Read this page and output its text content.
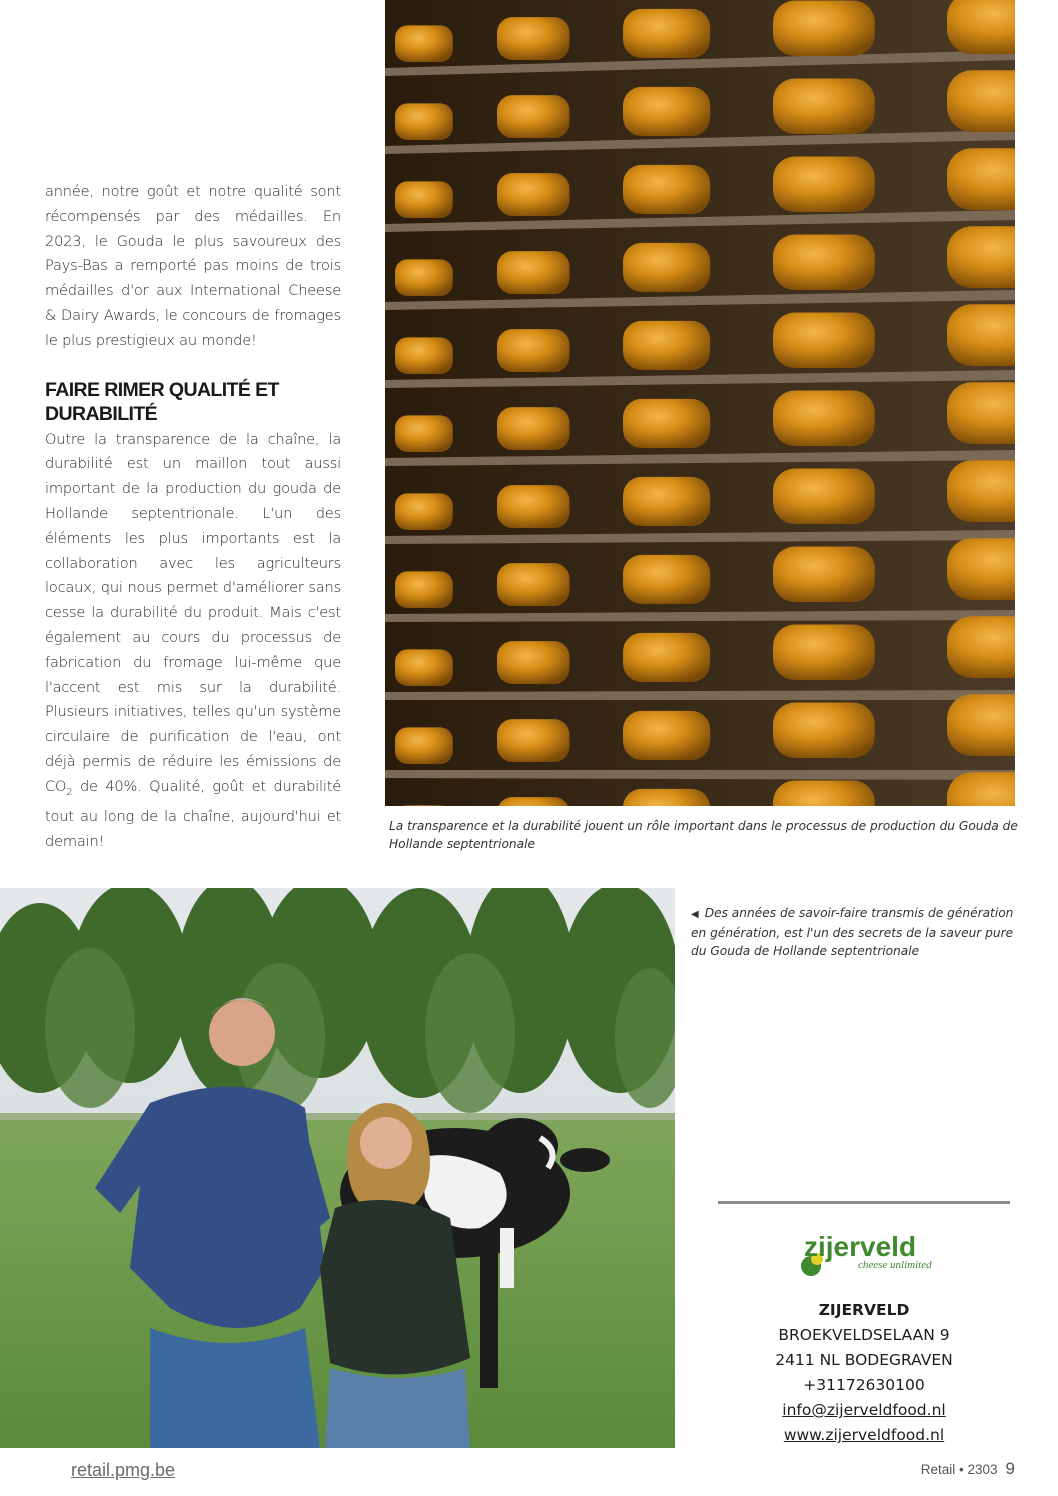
année, notre goût et notre qualité sont récompensés par des médailles. En 2023, le Gouda le plus savoureux des Pays-Bas a remporté pas moins de trois médailles d'or aux International Cheese & Dairy Awards, le concours de fromages le plus prestigieux au monde!

FAIRE RIMER QUALITÉ ET DURABILITÉ

Outre la transparence de la chaîne, la durabilité est un maillon tout aussi important de la production du gouda de Hollande septentrionale. L'un des éléments les plus importants est la collaboration avec les agriculteurs locaux, qui nous permet d'améliorer sans cesse la durabilité du produit. Mais c'est également au cours du processus de fabrication du fromage lui-même que l'accent est mis sur la durabilité. Plusieurs initiatives, telles qu'un système circulaire de purification de l'eau, ont déjà permis de réduire les émissions de $CO_2$ de 40%. Qualité, goût et durabilité tout au long de la chaîne, aujourd'hui et demain!

La transparence et la durabilité jouent un rôle important dans le processus de production du Gouda de Hollande septentrionale
◀ Des années de savoir-faire transmis de génération en génération, est l'un des secrets de la saveur pure du Gouda de Hollande septentrionale
zijerveld
cheese unlimited
ZIJERVELD
BROEKVELDSELAAN 9
2411 NL BODEGRAVEN
+31172630100
info@zijerveldfood.nl
www.zijerveldfood.nl
retail.pmg.be	Retail • 2303 9
